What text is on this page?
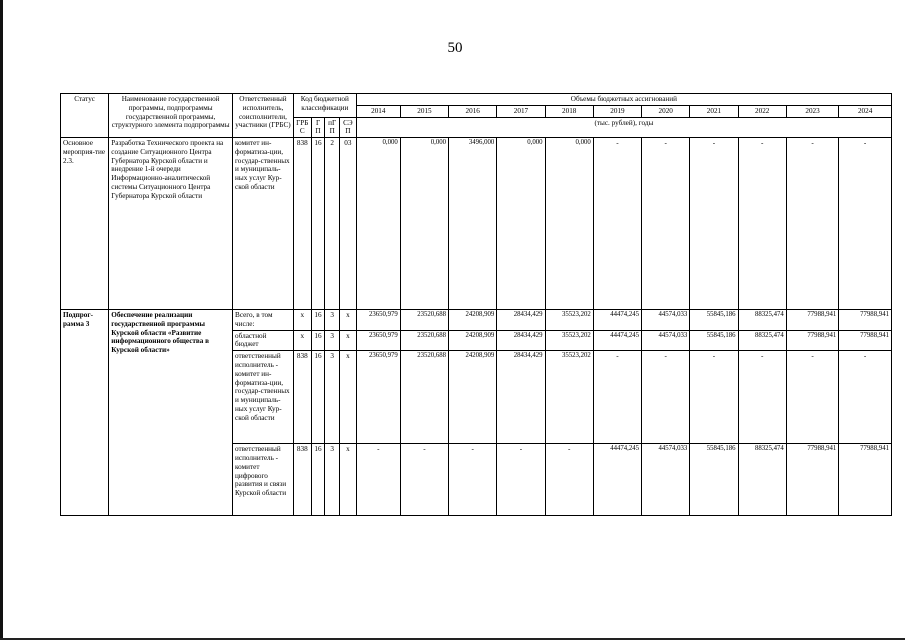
50
Статус	Наименование государственной программы, подпрограммы государственной программы, структурного элемента подпрограммы	Ответственный исполнитель, соисполнители, участники (ГРБС)	Код бюджетной классификации				Объемы бюджетных ассигнований										

							2014	2015	2016	2017	2018	2019	2020	2021	2022	2023	2024
			ГРБС	ГП	пГП	СЭП	(тыс. рублей), годы										
Основное мероприя-тие 2.3.	Разработка Технического проекта на создание Ситуационного Центра Губернатора Курской области и внедрение 1-й очереди Информационно-аналитической системы Ситуационного Центра Губернатора Курской области	комитет ин-форматиза-ции, государ-ственных и муниципаль-ных услуг Кур-ской области	838	16	2	03	0,000	0,000	3496,000	0,000	0,000	-	-	-	-	-	-
Подпрог-рамма 3	Обеспечение реализации государственной программы Курской области «Развитие информационного общества в Курской области»	Всего, в том числе:	x	16	3	x	23650,979	23520,688	24208,909	28434,429	35523,202	44474,245	44574,033	55845,186	88325,474	77988,941	77988,941
		областной бюджет	x	16	3	x	23650,979	23520,688	24208,909	28434,429	35523,202	44474,245	44574,033	55845,186	88325,474	77988,941	77988,941
		ответственный исполнитель - комитет ин-форматиза-ции, государ-ственных и муниципаль-ных услуг Кур-ской области	838	16	3	x	23650,979	23520,688	24208,909	28434,429	35523,202	-	-	-	-	-	-
		ответственный исполнитель - комитет цифрового развития и связи Курской области	838	16	3	x	-	-	-	-	-	44474,245	44574,033	55845,186	88325,474	77988,941	77988,941
